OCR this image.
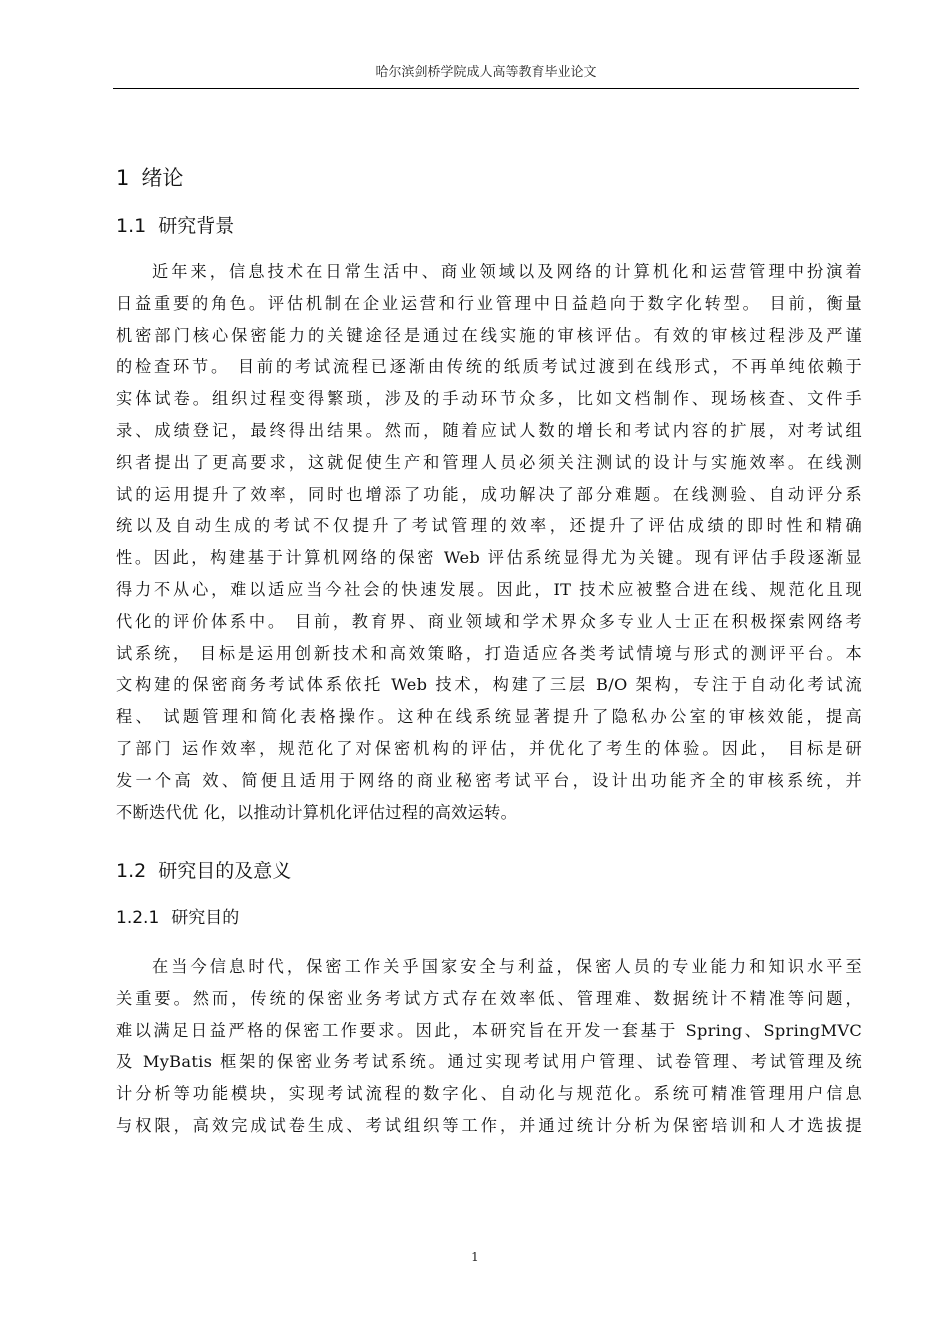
哈尔滨剑桥学院成人高等教育毕业论文
1 绪论
1.1 研究背景
近年来，信息技术在日常生活中、商业领域以及网络的计算机化和运营管理中扮演着
日益重要的角色。评估机制在企业运营和行业管理中日益趋向于数字化转型。 目前，衡量
机密部门核心保密能力的关键途径是通过在线实施的审核评估。有效的审核过程涉及严谨
的检查环节。 目前的考试流程已逐渐由传统的纸质考试过渡到在线形式，不再单纯依赖于
实体试卷。组织过程变得繁琐，涉及的手动环节众多，比如文档制作、现场核查、文件手
录、成绩登记，最终得出结果。然而，随着应试人数的增长和考试内容的扩展，对考试组
织者提出了更高要求，这就促使生产和管理人员必须关注测试的设计与实施效率。在线测
试的运用提升了效率，同时也增添了功能，成功解决了部分难题。在线测验、自动评分系
统以及自动生成的考试不仅提升了考试管理的效率，还提升了评估成绩的即时性和精确
性。因此，构建基于计算机网络的保密 Web 评估系统显得尤为关键。现有评估手段逐渐显
得力不从心，难以适应当今社会的快速发展。因此，IT 技术应被整合进在线、规范化且现
代化的评价体系中。 目前，教育界、商业领域和学术界众多专业人士正在积极探索网络考
试系统， 目标是运用创新技术和高效策略，打造适应各类考试情境与形式的测评平台。本
文构建的保密商务考试体系依托 Web 技术，构建了三层 B/O 架构，专注于自动化考试流
程、 试题管理和简化表格操作。这种在线系统显著提升了隐私办公室的审核效能，提高
了部门 运作效率，规范化了对保密机构的评估，并优化了考生的体验。因此， 目标是研
发一个高 效、简便且适用于网络的商业秘密考试平台，设计出功能齐全的审核系统，并
不断迭代优 化，以推动计算机化评估过程的高效运转。
1.2 研究目的及意义
1.2.1 研究目的
在当今信息时代，保密工作关乎国家安全与利益，保密人员的专业能力和知识水平至
关重要。然而，传统的保密业务考试方式存在效率低、管理难、数据统计不精准等问题，
难以满足日益严格的保密工作要求。因此，本研究旨在开发一套基于 Spring、SpringMVC
及 MyBatis 框架的保密业务考试系统。通过实现考试用户管理、试卷管理、考试管理及统
计分析等功能模块，实现考试流程的数字化、自动化与规范化。系统可精准管理用户信息
与权限，高效完成试卷生成、考试组织等工作，并通过统计分析为保密培训和人才选拔提
1
